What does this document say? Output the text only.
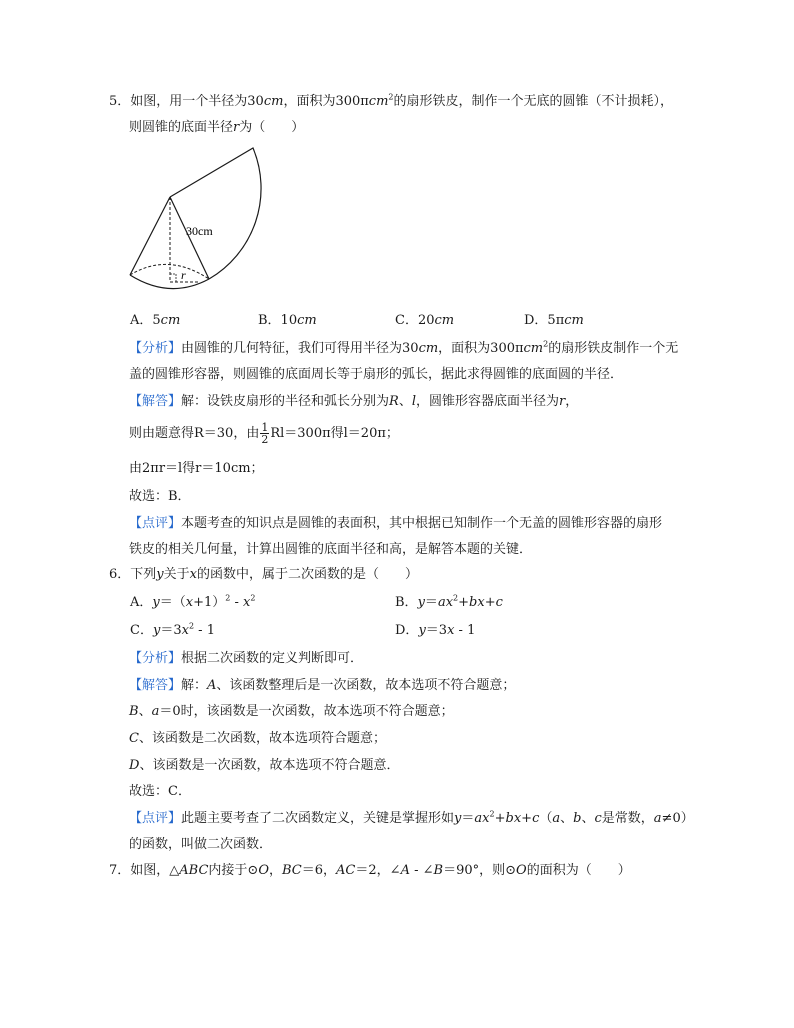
5．如图，用一个半径为30cm，面积为300πcm$^2$的扇形铁皮，制作一个无底的圆锥（不计损耗），
则圆锥的底面半径r为（　　）
30cm
r
A．5cm	B．10cm	C．20cm	D．5πcm
【分析】由圆锥的几何特征，我们可得用半径为30cm，面积为300πcm$^2$的扇形铁皮制作一个无
盖的圆锥形容器，则圆锥的底面周长等于扇形的弧长，据此求得圆锥的底面圆的半径．
【解答】解：设铁皮扇形的半径和弧长分别为R、l，圆锥形容器底面半径为r，
则由题意得R＝30，由 $\frac{1}{2} Rl=300\pi$得l＝20π；
由2πr＝l得r＝10cm；
故选：B．
【点评】本题考查的知识点是圆锥的表面积，其中根据已知制作一个无盖的圆锥形容器的扇形
铁皮的相关几何量，计算出圆锥的底面半径和高，是解答本题的关键．
6．下列y关于x的函数中，属于二次函数的是（　　）
A．$y=(x+1)^2 - x^2$	B．$y=ax^2+bx+c$
C．$y=3x^2 - 1$	D．y＝3x - 1
【分析】根据二次函数的定义判断即可．
【解答】解：A、该函数整理后是一次函数，故本选项不符合题意；
B、a＝0时，该函数是一次函数，故本选项不符合题意；
C、该函数是二次函数，故本选项符合题意；
D、该函数是一次函数，故本选项不符合题意．
故选：C．
【点评】此题主要考查了二次函数定义，关键是掌握形如$y=ax^2+bx+c(a$、b、c是常数，a≠0）
的函数，叫做二次函数．
7．如图，△ABC内接于⊙O，BC＝6，AC＝2，∠A - ∠B＝90°，则⊙O的面积为（　　）
